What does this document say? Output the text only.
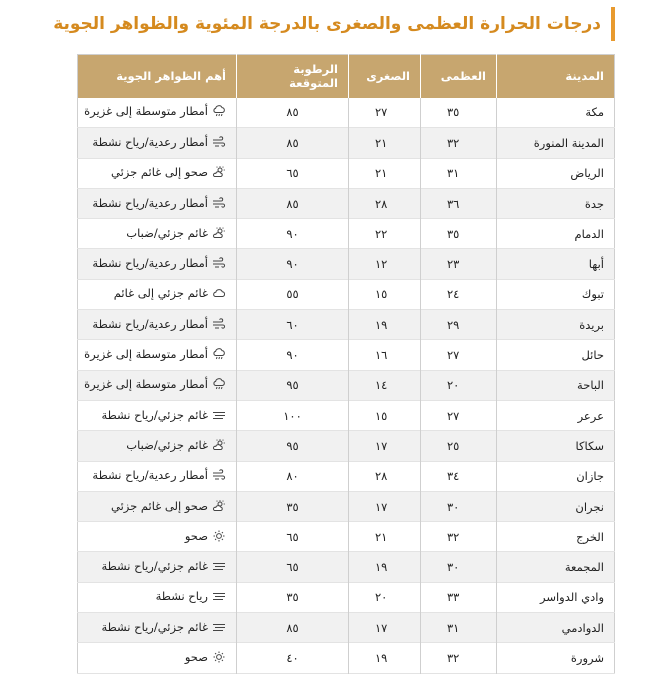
درجات الحرارة العظمى والصغرى بالدرجة المئوية والظواهر الجوية
المدينة	العظمى	الصغرى	الرطوبة المتوقعة	أهم الظواهر الجوية
مكة	٣٥	٢٧	٨٥	أمطار متوسطة إلى غزيرة

المدينة المنورة	٣٢	٢١	٨٥	أمطار رعدية/رياح نشطة

الرياض	٣١	٢١	٦٥	صحو إلى غائم جزئي

جدة	٣٦	٢٨	٨٥	أمطار رعدية/رياح نشطة

الدمام	٣٥	٢٢	٩٠	غائم جزئي/ضباب

أبها	٢٣	١٢	٩٠	أمطار رعدية/رياح نشطة

تبوك	٢٤	١٥	٥٥	غائم جزئي إلى غائم

بريدة	٢٩	١٩	٦٠	أمطار رعدية/رياح نشطة

حائل	٢٧	١٦	٩٠	أمطار متوسطة إلى غزيرة

الباحة	٢٠	١٤	٩٥	أمطار متوسطة إلى غزيرة

عرعر	٢٧	١٥	١٠٠	غائم جزئي/رياح نشطة

سكاكا	٢٥	١٧	٩٥	غائم جزئي/ضباب

جازان	٣٤	٢٨	٨٠	أمطار رعدية/رياح نشطة

نجران	٣٠	١٧	٣٥	صحو إلى غائم جزئي

الخرج	٣٢	٢١	٦٥	صحو

المجمعة	٣٠	١٩	٦٥	غائم جزئي/رياح نشطة

وادي الدواسر	٣٣	٢٠	٣٥	رياح نشطة

الدوادمي	٣١	١٧	٨٥	غائم جزئي/رياح نشطة

شرورة	٣٢	١٩	٤٠	صحو
